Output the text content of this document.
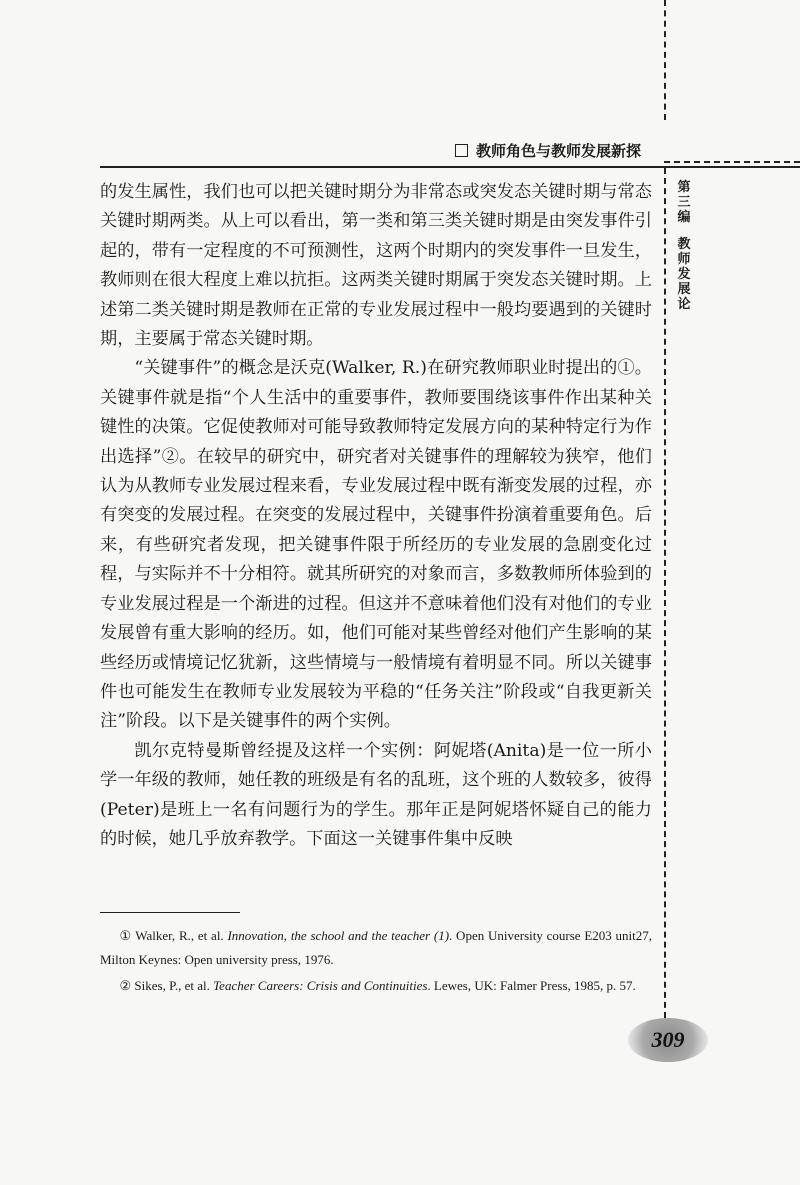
教师角色与教师发展新探
第三编
教师发展论

的发生属性，我们也可以把关键时期分为非常态或突发态关键时期与常态关键时期两类。从上可以看出，第一类和第三类关键时期是由突发事件引起的，带有一定程度的不可预测性，这两个时期内的突发事件一旦发生，教师则在很大程度上难以抗拒。这两类关键时期属于突发态关键时期。上述第二类关键时期是教师在正常的专业发展过程中一般均要遇到的关键时期，主要属于常态关键时期。

“关键事件”的概念是沃克(Walker, R.)在研究教师职业时提出的①。关键事件就是指“个人生活中的重要事件，教师要围绕该事件作出某种关键性的决策。它促使教师对可能导致教师特定发展方向的某种特定行为作出选择”②。在较早的研究中，研究者对关键事件的理解较为狭窄，他们认为从教师专业发展过程来看，专业发展过程中既有渐变发展的过程，亦有突变的发展过程。在突变的发展过程中，关键事件扮演着重要角色。后来，有些研究者发现，把关键事件限于所经历的专业发展的急剧变化过程，与实际并不十分相符。就其所研究的对象而言，多数教师所体验到的专业发展过程是一个渐进的过程。但这并不意味着他们没有对他们的专业发展曾有重大影响的经历。如，他们可能对某些曾经对他们产生影响的某些经历或情境记忆犹新，这些情境与一般情境有着明显不同。所以关键事件也可能发生在教师专业发展较为平稳的“任务关注”阶段或“自我更新关注”阶段。以下是关键事件的两个实例。

凯尔克特曼斯曾经提及这样一个实例：阿妮塔(Anita)是一位一所小学一年级的教师，她任教的班级是有名的乱班，这个班的人数较多，彼得(Peter)是班上一名有问题行为的学生。那年正是阿妮塔怀疑自己的能力的时候，她几乎放弃教学。下面这一关键事件集中反映

① Walker, R., et al. Innovation, the school and the teacher (1). Open University course E203 unit27, Milton Keynes: Open university press, 1976.

② Sikes, P., et al. Teacher Careers: Crisis and Continuities. Lewes, UK: Falmer Press, 1985, p. 57.

309
